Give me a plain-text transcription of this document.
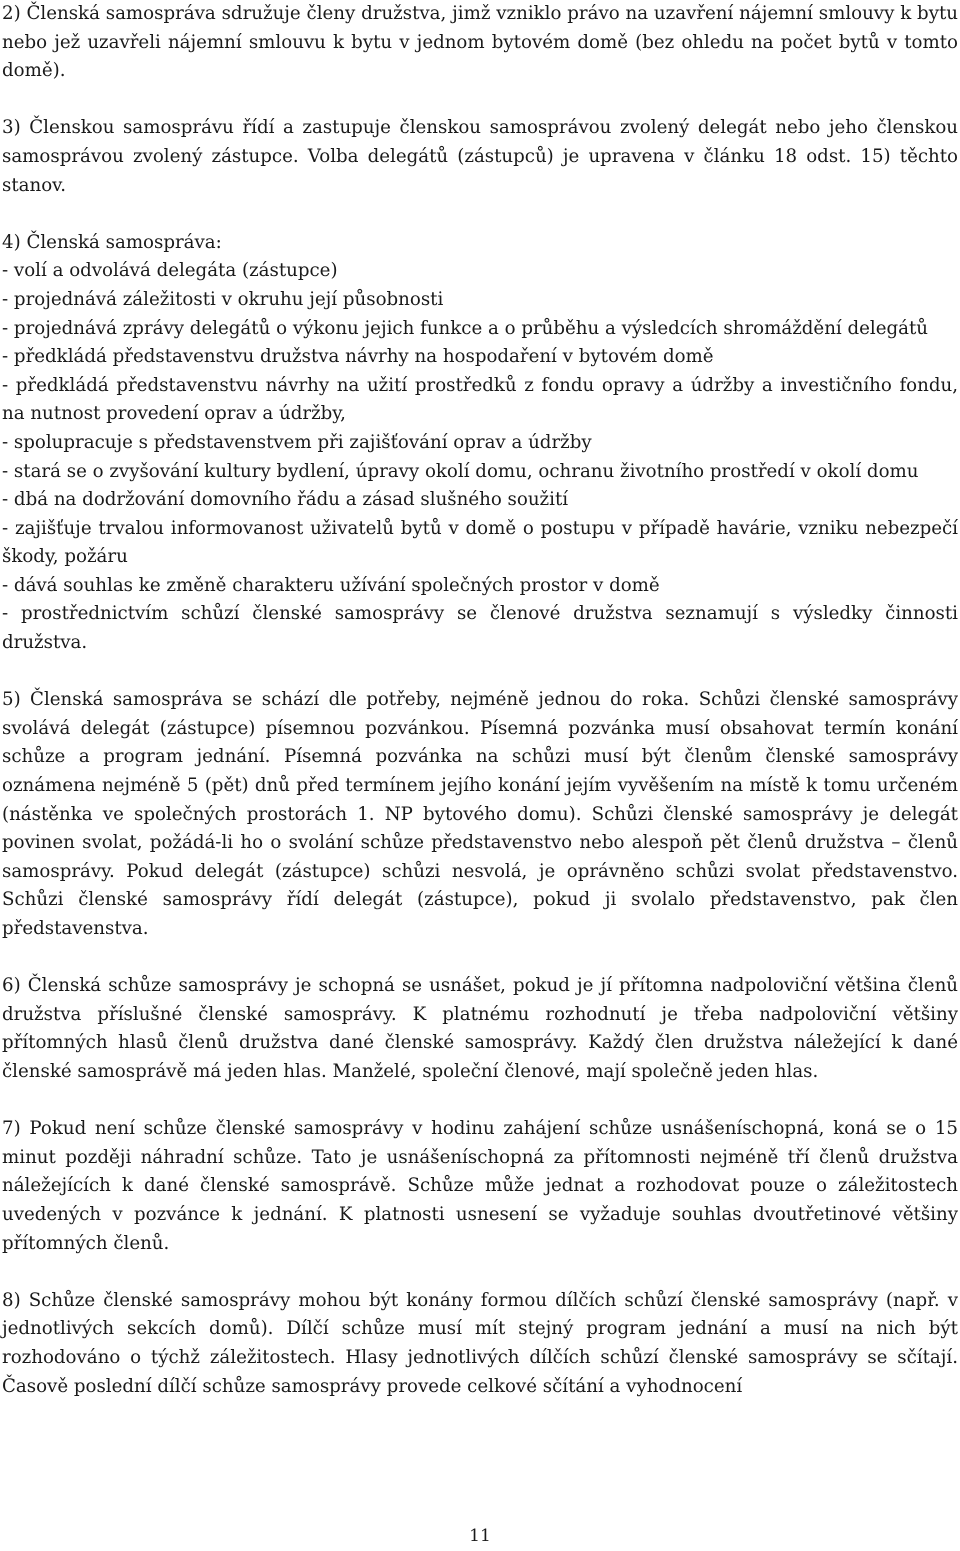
2) Členská samospráva sdružuje členy družstva, jimž vzniklo právo na uzavření nájemní smlouvy k bytu nebo jež uzavřeli nájemní smlouvu k bytu v jednom bytovém domě (bez ohledu na počet bytů v tomto domě).

3) Členskou samosprávu řídí a zastupuje členskou samosprávou zvolený delegát nebo jeho členskou samosprávou zvolený zástupce. Volba delegátů (zástupců) je upravena v článku 18 odst. 15) těchto stanov.

4) Členská samospráva:
- volí a odvolává delegáta (zástupce)
- projednává záležitosti v okruhu její působnosti
- projednává zprávy delegátů o výkonu jejich funkce a o průběhu a výsledcích shromáždění delegátů
- předkládá představenstvu družstva návrhy na hospodaření v bytovém domě
- předkládá představenstvu návrhy na užití prostředků z fondu opravy a údržby a investičního fondu, na nutnost provedení oprav a údržby,
- spolupracuje s představenstvem při zajišťování oprav a údržby
- stará se o zvyšování kultury bydlení, úpravy okolí domu, ochranu životního prostředí v okolí domu
- dbá na dodržování domovního řádu a zásad slušného soužití
- zajišťuje trvalou informovanost uživatelů bytů v domě o postupu v případě havárie, vzniku nebezpečí škody, požáru
- dává souhlas ke změně charakteru užívání společných prostor v domě
- prostřednictvím schůzí členské samosprávy se členové družstva seznamují s výsledky činnosti družstva.

5) Členská samospráva se schází dle potřeby, nejméně jednou do roka. Schůzi členské samosprávy svolává delegát (zástupce) písemnou pozvánkou. Písemná pozvánka musí obsahovat termín konání schůze a program jednání. Písemná pozvánka na schůzi musí být členům členské samosprávy oznámena nejméně 5 (pět) dnů před termínem jejího konání jejím vyvěšením na místě k tomu určeném (nástěnka ve společných prostorách 1. NP bytového domu). Schůzi členské samosprávy je delegát povinen svolat, požádá-li ho o svolání schůze představenstvo nebo alespoň pět členů družstva – členů samosprávy. Pokud delegát (zástupce) schůzi nesvolá, je oprávněno schůzi svolat představenstvo. Schůzi členské samosprávy řídí delegát (zástupce), pokud ji svolalo představenstvo, pak člen představenstva.

6) Členská schůze samosprávy je schopná se usnášet, pokud je jí přítomna nadpoloviční většina členů družstva příslušné členské samosprávy. K platnému rozhodnutí je třeba nadpoloviční většiny přítomných hlasů členů družstva dané členské samosprávy. Každý člen družstva náležející k dané členské samosprávě má jeden hlas. Manželé, společní členové, mají společně jeden hlas.

7) Pokud není schůze členské samosprávy v hodinu zahájení schůze usnášeníschopná, koná se o 15 minut později náhradní schůze. Tato je usnášeníschopná za přítomnosti nejméně tří členů družstva náležejících k dané členské samosprávě. Schůze může jednat a rozhodovat pouze o záležitostech uvedených v pozvánce k jednání. K platnosti usnesení se vyžaduje souhlas dvoutřetinové většiny přítomných členů.

8) Schůze členské samosprávy mohou být konány formou dílčích schůzí členské samosprávy (např. v jednotlivých sekcích domů). Dílčí schůze musí mít stejný program jednání a musí na nich být rozhodováno o týchž záležitostech. Hlasy jednotlivých dílčích schůzí členské samosprávy se sčítají. Časově poslední dílčí schůze samosprávy provede celkové sčítání a vyhodnocení

11
